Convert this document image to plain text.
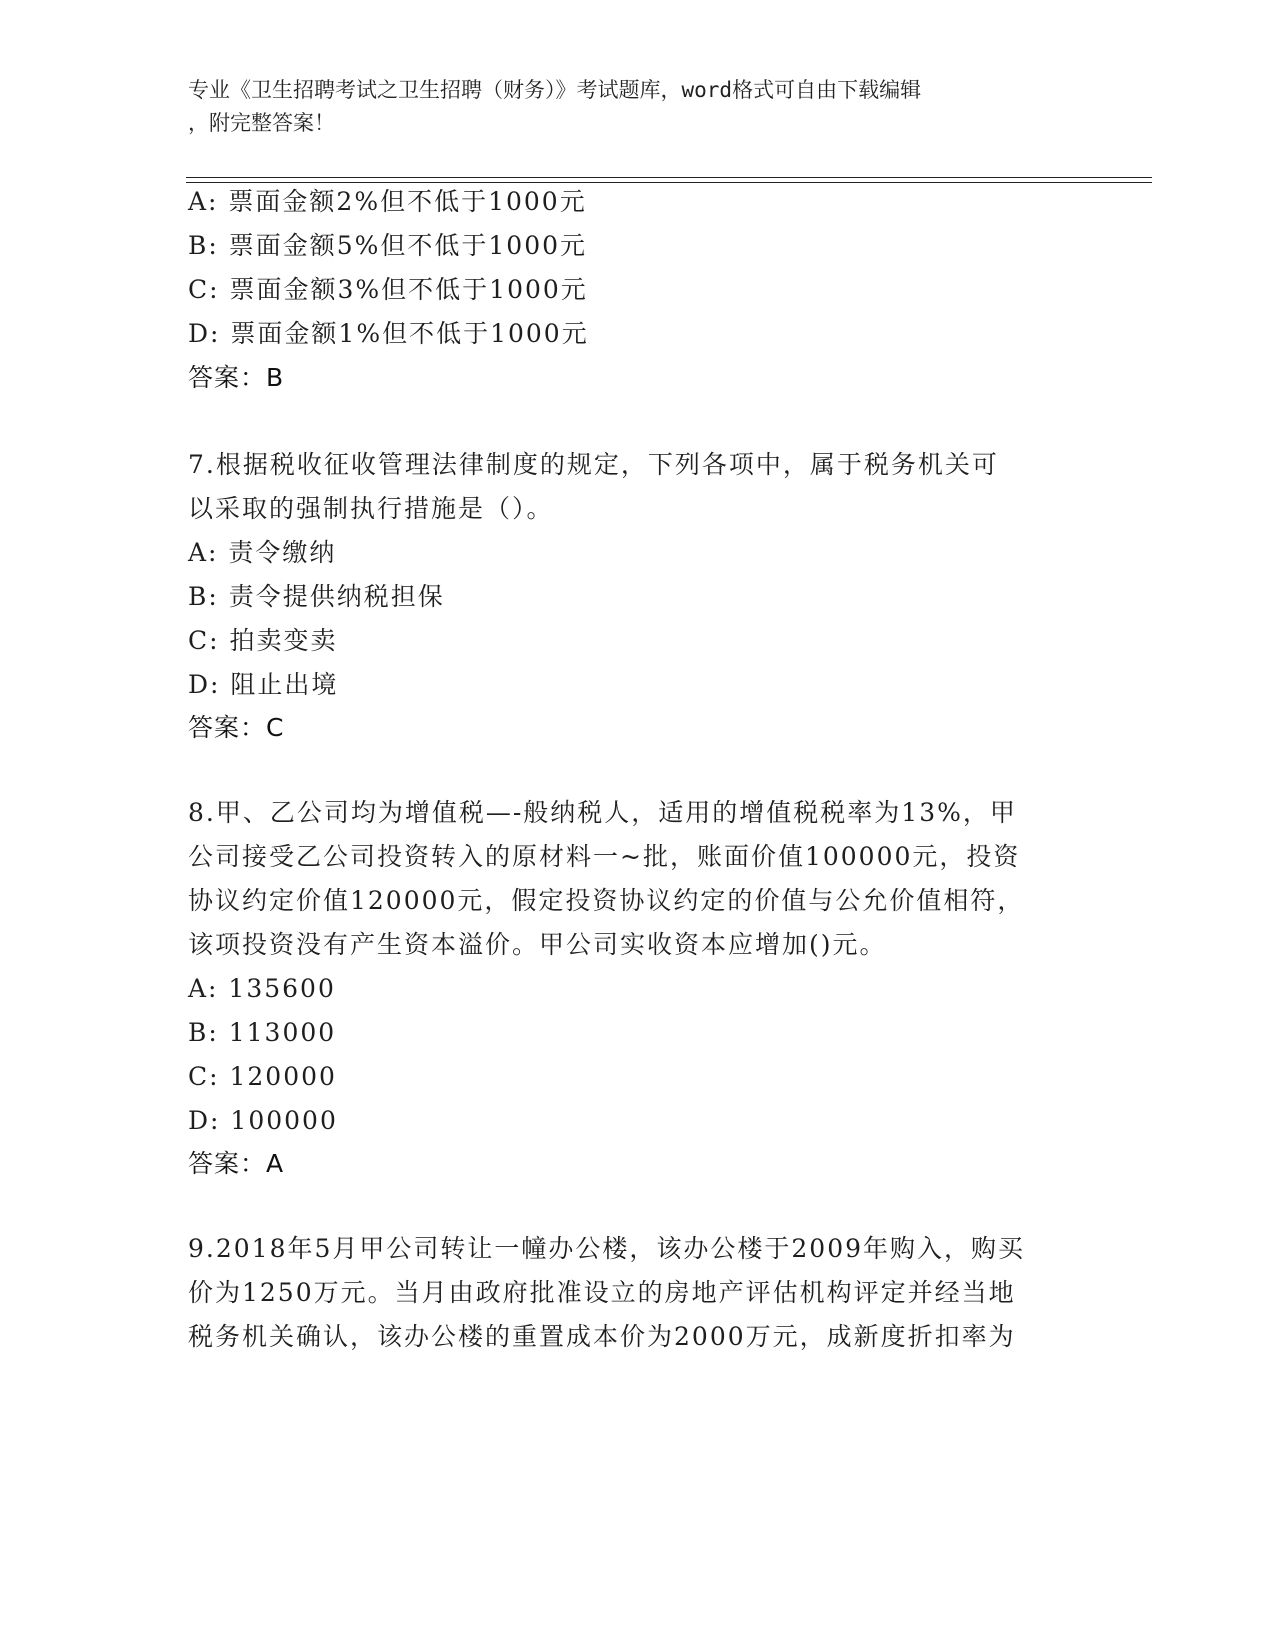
专业《卫生招聘考试之卫生招聘（财务）》考试题库，word格式可自由下载编辑
，附完整答案！
A: 票面金额2%但不低于1000元
B: 票面金额5%但不低于1000元
C: 票面金额3%但不低于1000元
D: 票面金额1%但不低于1000元
答案：B
7.根据税收征收管理法律制度的规定，下列各项中，属于税务机关可
以采取的强制执行措施是（）。
A: 责令缴纳
B: 责令提供纳税担保
C: 拍卖变卖
D: 阻止出境
答案：C
8.甲、乙公司均为增值税—-般纳税人，适用的增值税税率为13%，甲
公司接受乙公司投资转入的原材料一~批，账面价值100000元，投资
协议约定价值120000元，假定投资协议约定的价值与公允价值相符，
该项投资没有产生资本溢价。甲公司实收资本应增加()元。
A: 135600
B: 113000
C: 120000
D: 100000
答案：A
9.2018年5月甲公司转让一幢办公楼，该办公楼于2009年购入，购买
价为1250万元。当月由政府批准设立的房地产评估机构评定并经当地
税务机关确认，该办公楼的重置成本价为2000万元，成新度折扣率为
